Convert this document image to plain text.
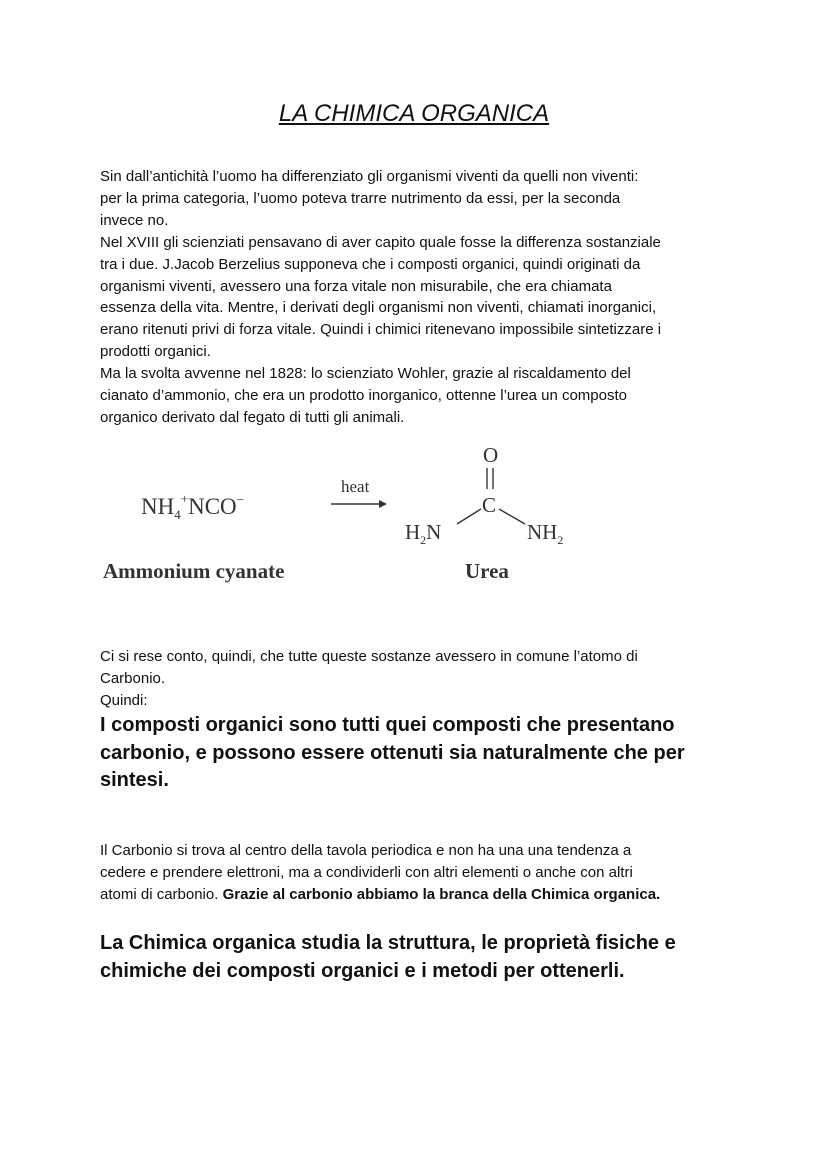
LA CHIMICA ORGANICA
Sin dall’antichità l’uomo ha differenziato gli organismi viventi da quelli non viventi:
per la prima categoria, l’uomo poteva trarre nutrimento da essi, per la seconda
invece no.
Nel XVIII gli scienziati pensavano di aver capito quale fosse la differenza sostanziale
tra i due. J.Jacob Berzelius supponeva che i composti organici, quindi originati da
organismi viventi, avessero una forza vitale non misurabile, che era chiamata
essenza della vita. Mentre, i derivati degli organismi non viventi, chiamati inorganici,
erano ritenuti privi di forza vitale. Quindi i chimici ritenevano impossibile sintetizzare i
prodotti organici.
Ma la svolta avvenne nel 1828: lo scienziato Wohler, grazie al riscaldamento del
cianato d’ammonio, che era un prodotto inorganico, ottenne l’urea un composto
organico derivato dal fegato di tutti gli animali.
$NH_4^+NCO^-$
heat
O
C
$H_2N$	$NH_2$
Ammonium cyanate	Urea
Ci si rese conto, quindi, che tutte queste sostanze avessero in comune l’atomo di
Carbonio.
Quindi:
I composti organici sono tutti quei composti che presentano
carbonio, e possono essere ottenuti sia naturalmente che per
sintesi.
Il Carbonio si trova al centro della tavola periodica e non ha una una tendenza a
cedere e prendere elettroni, ma a condividerli con altri elementi o anche con altri
atomi di carbonio. Grazie al carbonio abbiamo la branca della Chimica organica.
La Chimica organica studia la struttura, le proprietà fisiche e
chimiche dei composti organici e i metodi per ottenerli.
